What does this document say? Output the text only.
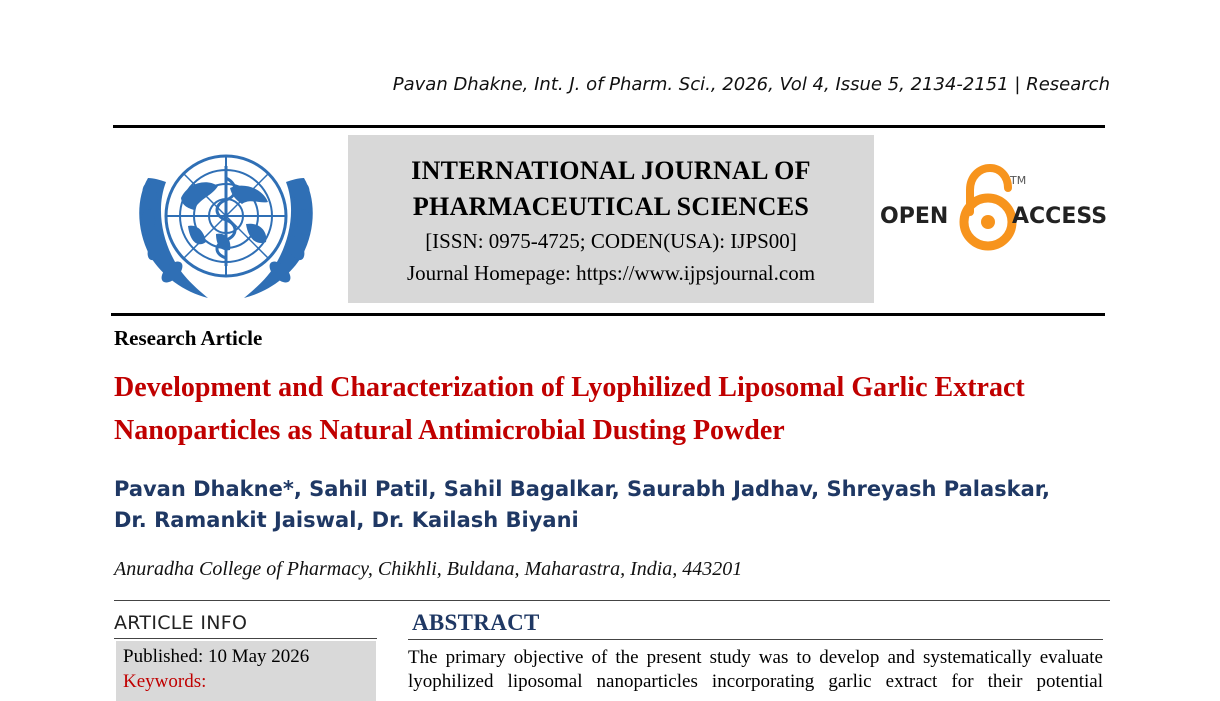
Pavan Dhakne, Int. J. of Pharm. Sci., 2026, Vol 4, Issue 5, 2134-2151 | Research
INTERNATIONAL JOURNAL OF
PHARMACEUTICAL SCIENCES
[ISSN: 0975-4725; CODEN(USA): IJPS00]
Journal Homepage: https://www.ijpsjournal.com
OPEN	ACCESS
TM
Research Article
Development and Characterization of Lyophilized Liposomal Garlic Extract Nanoparticles as Natural Antimicrobial Dusting Powder
Pavan Dhakne*, Sahil Patil, Sahil Bagalkar, Saurabh Jadhav, Shreyash Palaskar,
Dr. Ramankit Jaiswal, Dr. Kailash Biyani
Anuradha College of Pharmacy, Chikhli, Buldana, Maharastra, India, 443201
ARTICLE INFO
Published: 10 May 2026
Keywords:
ABSTRACT
The primary objective of the present study was to develop and systematically evaluate
lyophilized liposomal nanoparticles incorporating garlic extract for their potential
